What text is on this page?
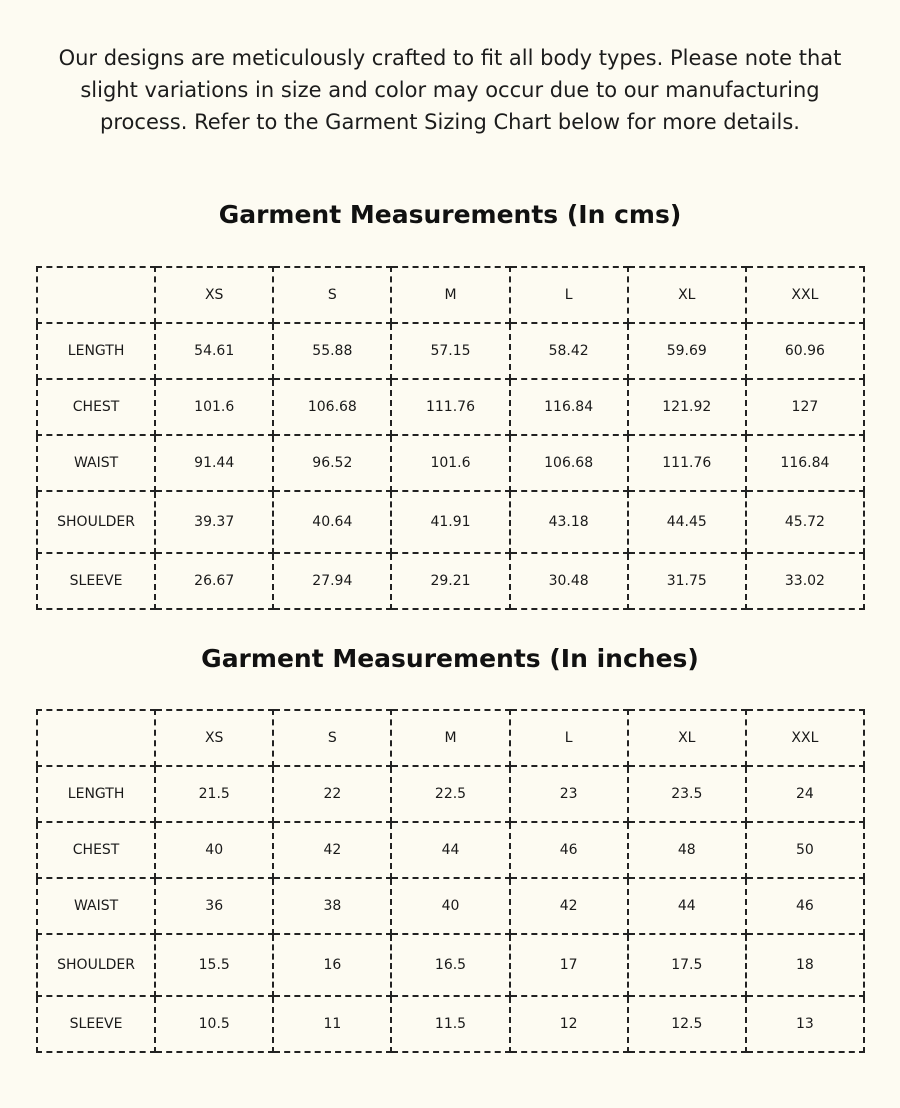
Our designs are meticulously crafted to fit all body types. Please note that slight variations in size and color may occur due to our manufacturing process. Refer to the Garment Sizing Chart below for more details.

Garment Measurements (In cms)
	XS	S	M	L	XL	XXL
LENGTH	54.61	55.88	57.15	58.42	59.69	60.96
CHEST	101.6	106.68	111.76	116.84	121.92	127
WAIST	91.44	96.52	101.6	106.68	111.76	116.84
SHOULDER	39.37	40.64	41.91	43.18	44.45	45.72
SLEEVE	26.67	27.94	29.21	30.48	31.75	33.02
Garment Measurements (In inches)
	XS	S	M	L	XL	XXL
LENGTH	21.5	22	22.5	23	23.5	24
CHEST	40	42	44	46	48	50
WAIST	36	38	40	42	44	46
SHOULDER	15.5	16	16.5	17	17.5	18
SLEEVE	10.5	11	11.5	12	12.5	13
